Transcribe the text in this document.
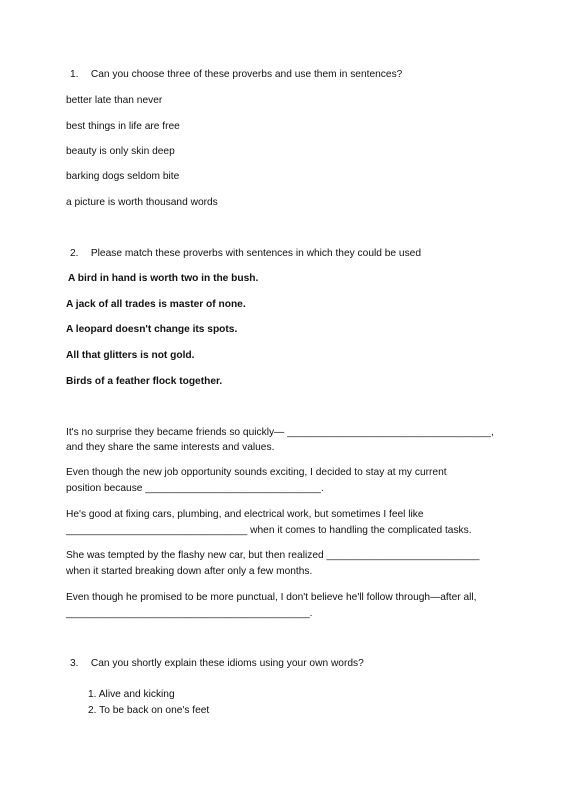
1. Can you choose three of these proverbs and use them in sentences?
better late than never
best things in life are free
beauty is only skin deep
barking dogs seldom bite
a picture is worth thousand words
2. Please match these proverbs with sentences in which they could be used
A bird in hand is worth two in the bush.
A jack of all trades is master of none.
A leopard doesn't change its spots.
All that glitters is not gold.
Birds of a feather flock together.
It's no surprise they became friends so quickly— ____________________________________,
and they share the same interests and values.
Even though the new job opportunity sounds exciting, I decided to stay at my current
position because _______________________________.
He's good at fixing cars, plumbing, and electrical work, but sometimes I feel like
________________________________ when it comes to handling the complicated tasks.
She was tempted by the flashy new car, but then realized ___________________________
when it started breaking down after only a few months.
Even though he promised to be more punctual, I don't believe he'll follow through—after all,
___________________________________________.
3. Can you shortly explain these idioms using your own words?
1. Alive and kicking
2. To be back on one's feet
